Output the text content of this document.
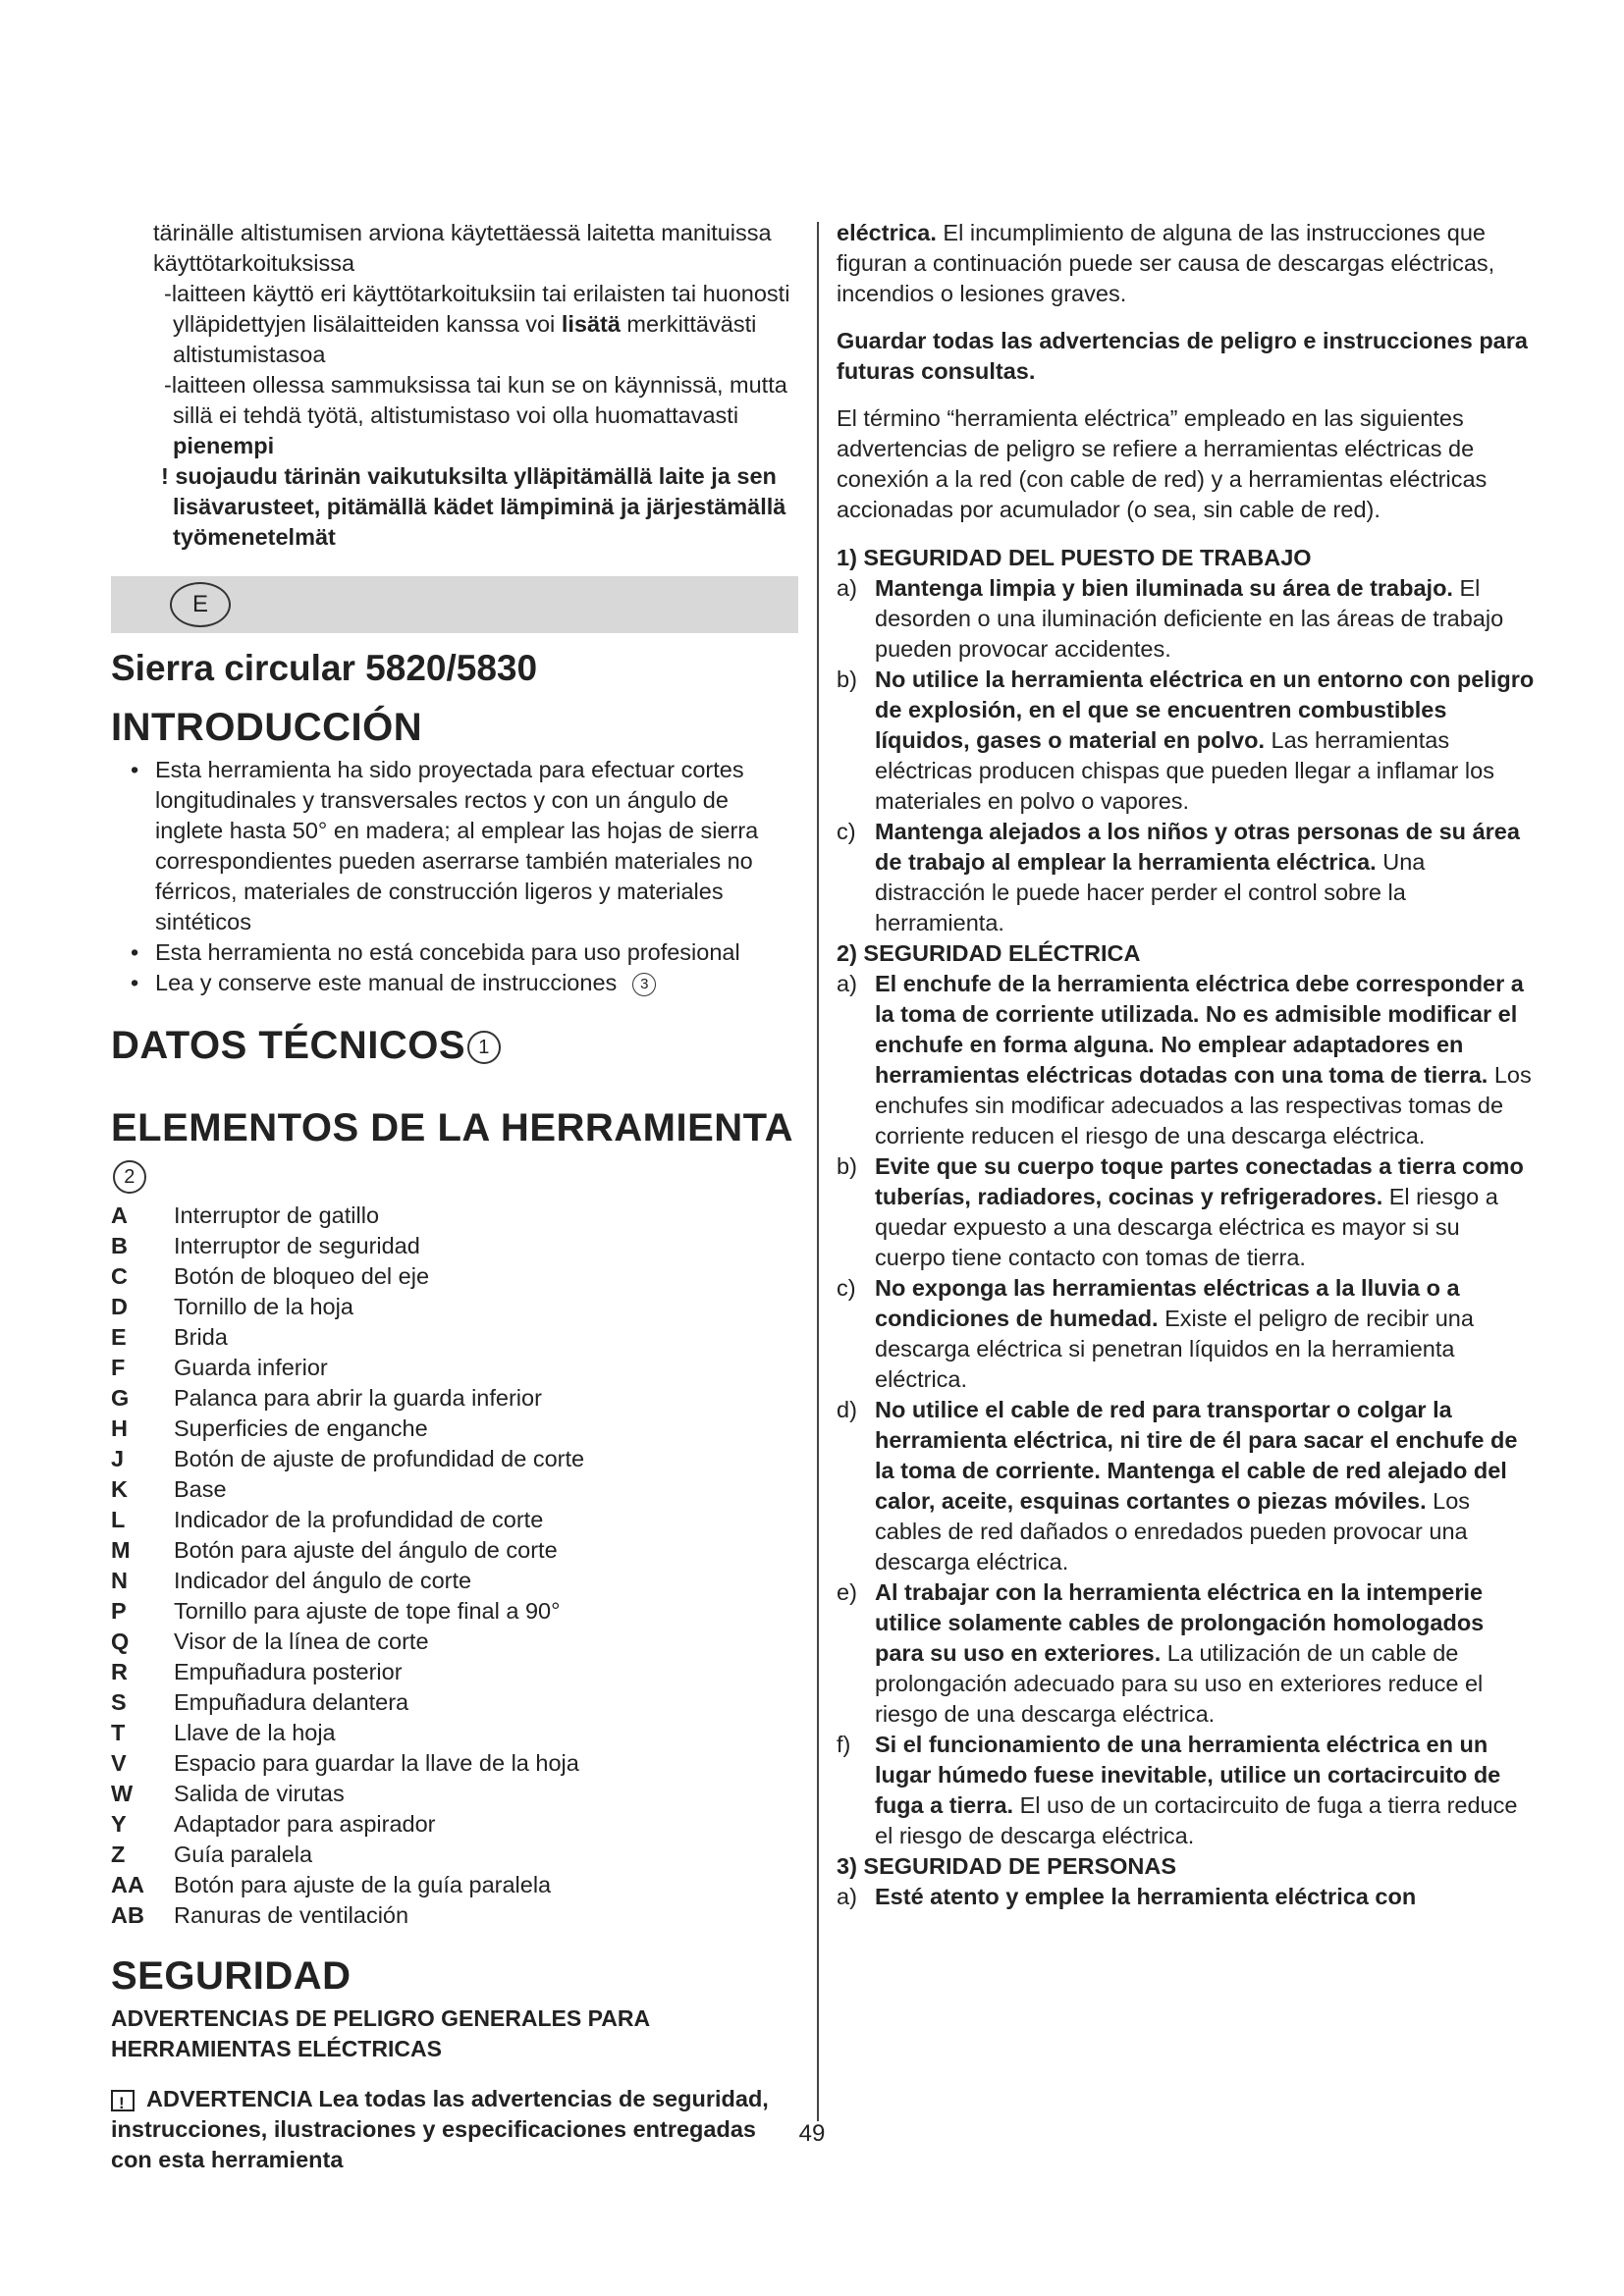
tärinälle altistumisen arviona käytettäessä laitetta manituissa käyttötarkoituksissa

-laitteen käyttö eri käyttötarkoituksiin tai erilaisten tai huonosti ylläpidettyjen lisälaitteiden kanssa voi lisätä merkittävästi altistumistasoa

-laitteen ollessa sammuksissa tai kun se on käynnissä, mutta sillä ei tehdä työtä, altistumistaso voi olla huomattavasti pienempi

! suojaudu tärinän vaikutuksilta ylläpitämällä laite ja sen lisävarusteet, pitämällä kädet lämpiminä ja järjestämällä työmenetelmät

E

Sierra circular 5820/5830

INTRODUCCIÓN

• Esta herramienta ha sido proyectada para efectuar cortes longitudinales y transversales rectos y con un ángulo de inglete hasta 50° en madera; al emplear las hojas de sierra correspondientes pueden aserrarse también materiales no férricos, materiales de construcción ligeros y materiales sintéticos
• Esta herramienta no está concebida para uso profesional
• Lea y conserve este manual de instrucciones 3

DATOS TÉCNICOS 1

ELEMENTOS DE LA HERRAMIENTA2

A	Interruptor de gatillo
B	Interruptor de seguridad
C	Botón de bloqueo del eje
D	Tornillo de la hoja
E	Brida
F	Guarda inferior
G	Palanca para abrir la guarda inferior
H	Superficies de enganche
J	Botón de ajuste de profundidad de corte
K	Base
L	Indicador de la profundidad de corte
M	Botón para ajuste del ángulo de corte
N	Indicador del ángulo de corte
P	Tornillo para ajuste de tope final a 90°
Q	Visor de la línea de corte
R	Empuñadura posterior
S	Empuñadura delantera
T	Llave de la hoja
V	Espacio para guardar la llave de la hoja
W	Salida de virutas
Y	Adaptador para aspirador
Z	Guía paralela
AA	Botón para ajuste de la guía paralela
AB	Ranuras de ventilación

SEGURIDAD

ADVERTENCIAS DE PELIGRO GENERALES PARA HERRAMIENTAS ELÉCTRICAS

!ADVERTENCIA Lea todas las advertencias de seguridad, instrucciones, ilustraciones y especificaciones entregadas con esta herramienta

eléctrica. El incumplimiento de alguna de las instrucciones que figuran a continuación puede ser causa de descargas eléctricas, incendios o lesiones graves.

Guardar todas las advertencias de peligro e instrucciones para futuras consultas.

El término “herramienta eléctrica” empleado en las siguientes advertencias de peligro se refiere a herramientas eléctricas de conexión a la red (con cable de red) y a herramientas eléctricas accionadas por acumulador (o sea, sin cable de red).

1) SEGURIDAD DEL PUESTO DE TRABAJO
a) Mantenga limpia y bien iluminada su área de trabajo. El desorden o una iluminación deficiente en las áreas de trabajo pueden provocar accidentes.
b) No utilice la herramienta eléctrica en un entorno con peligro de explosión, en el que se encuentren combustibles líquidos, gases o material en polvo. Las herramientas eléctricas producen chispas que pueden llegar a inflamar los materiales en polvo o vapores.
c) Mantenga alejados a los niños y otras personas de su área de trabajo al emplear la herramienta eléctrica. Una distracción le puede hacer perder el control sobre la herramienta.
2) SEGURIDAD ELÉCTRICA
a) El enchufe de la herramienta eléctrica debe corresponder a la toma de corriente utilizada. No es admisible modificar el enchufe en forma alguna. No emplear adaptadores en herramientas eléctricas dotadas con una toma de tierra. Los enchufes sin modificar adecuados a las respectivas tomas de corriente reducen el riesgo de una descarga eléctrica.
b) Evite que su cuerpo toque partes conectadas a tierra como tuberías, radiadores, cocinas y refrigeradores. El riesgo a quedar expuesto a una descarga eléctrica es mayor si su cuerpo tiene contacto con tomas de tierra.
c) No exponga las herramientas eléctricas a la lluvia o a condiciones de humedad. Existe el peligro de recibir una descarga eléctrica si penetran líquidos en la herramienta eléctrica.
d) No utilice el cable de red para transportar o colgar la herramienta eléctrica, ni tire de él para sacar el enchufe de la toma de corriente. Mantenga el cable de red alejado del calor, aceite, esquinas cortantes o piezas móviles. Los cables de red dañados o enredados pueden provocar una descarga eléctrica.
e) Al trabajar con la herramienta eléctrica en la intemperie utilice solamente cables de prolongación homologados para su uso en exteriores. La utilización de un cable de prolongación adecuado para su uso en exteriores reduce el riesgo de una descarga eléctrica.
f) Si el funcionamiento de una herramienta eléctrica en un lugar húmedo fuese inevitable, utilice un cortacircuito de fuga a tierra. El uso de un cortacircuito de fuga a tierra reduce el riesgo de descarga eléctrica.
3) SEGURIDAD DE PERSONAS
a) Esté atento y emplee la herramienta eléctrica con
49
